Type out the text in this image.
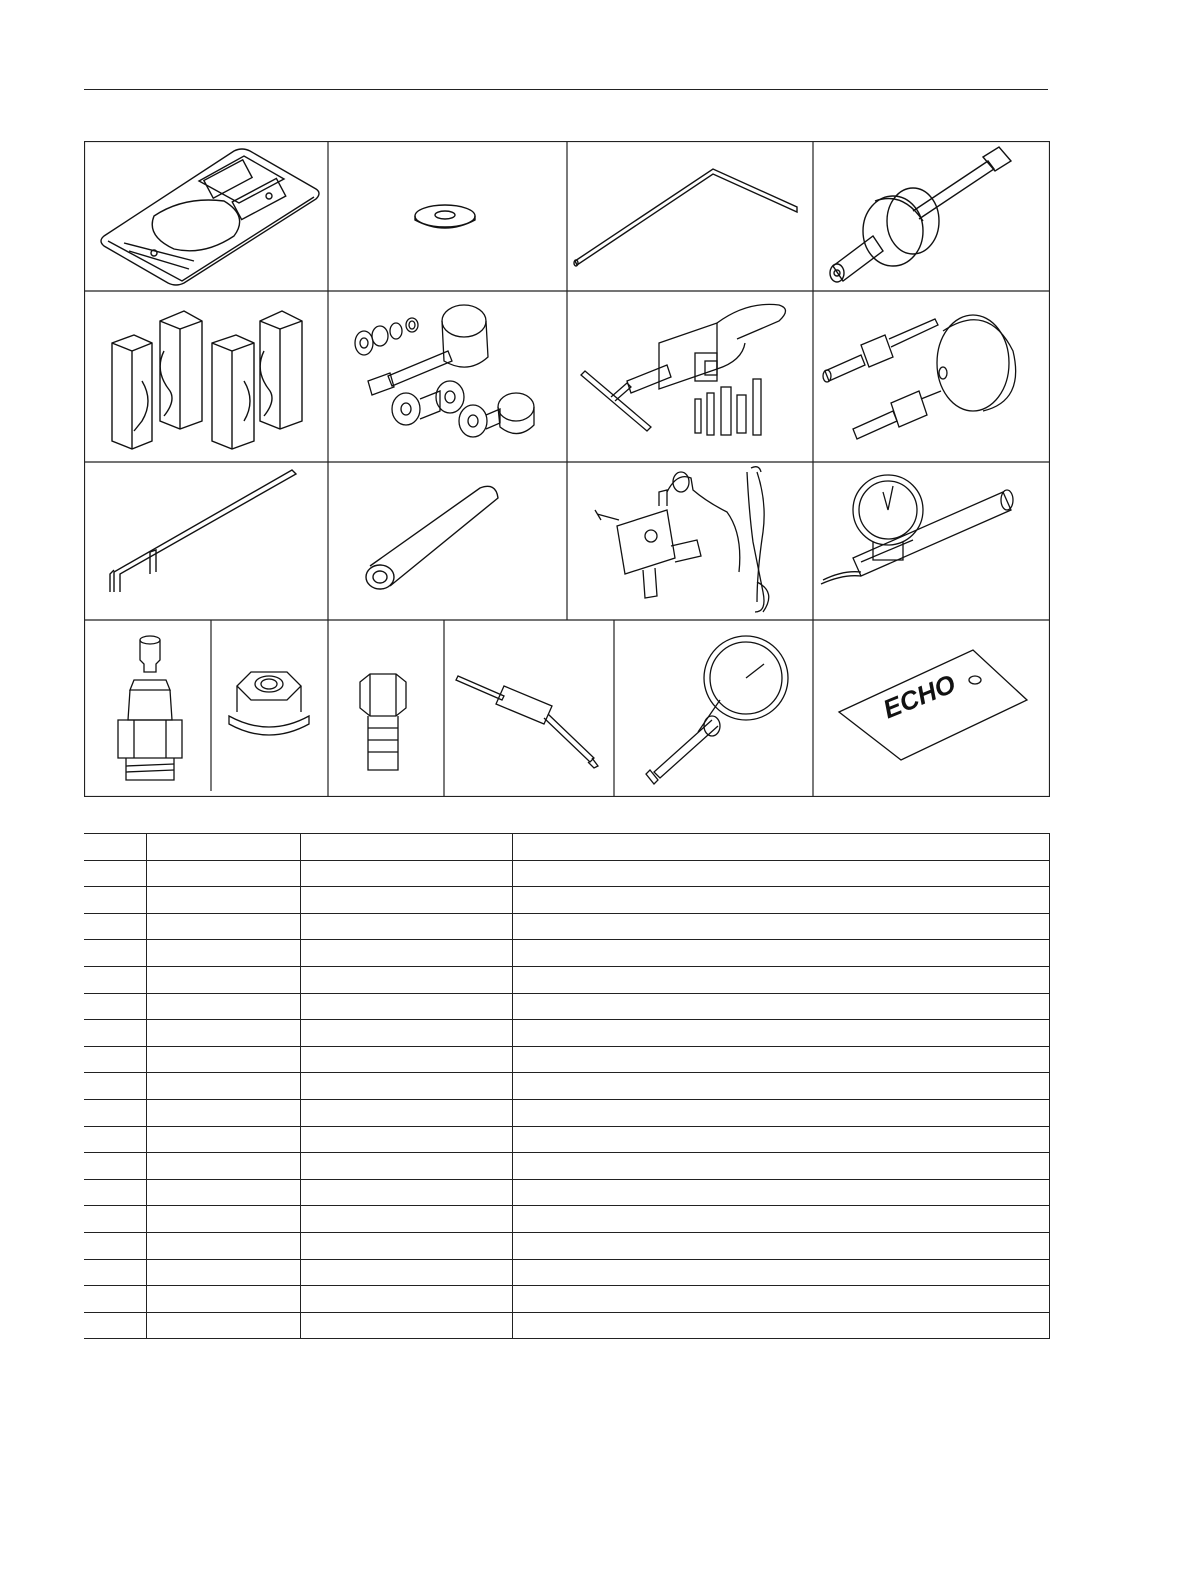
ECHO
